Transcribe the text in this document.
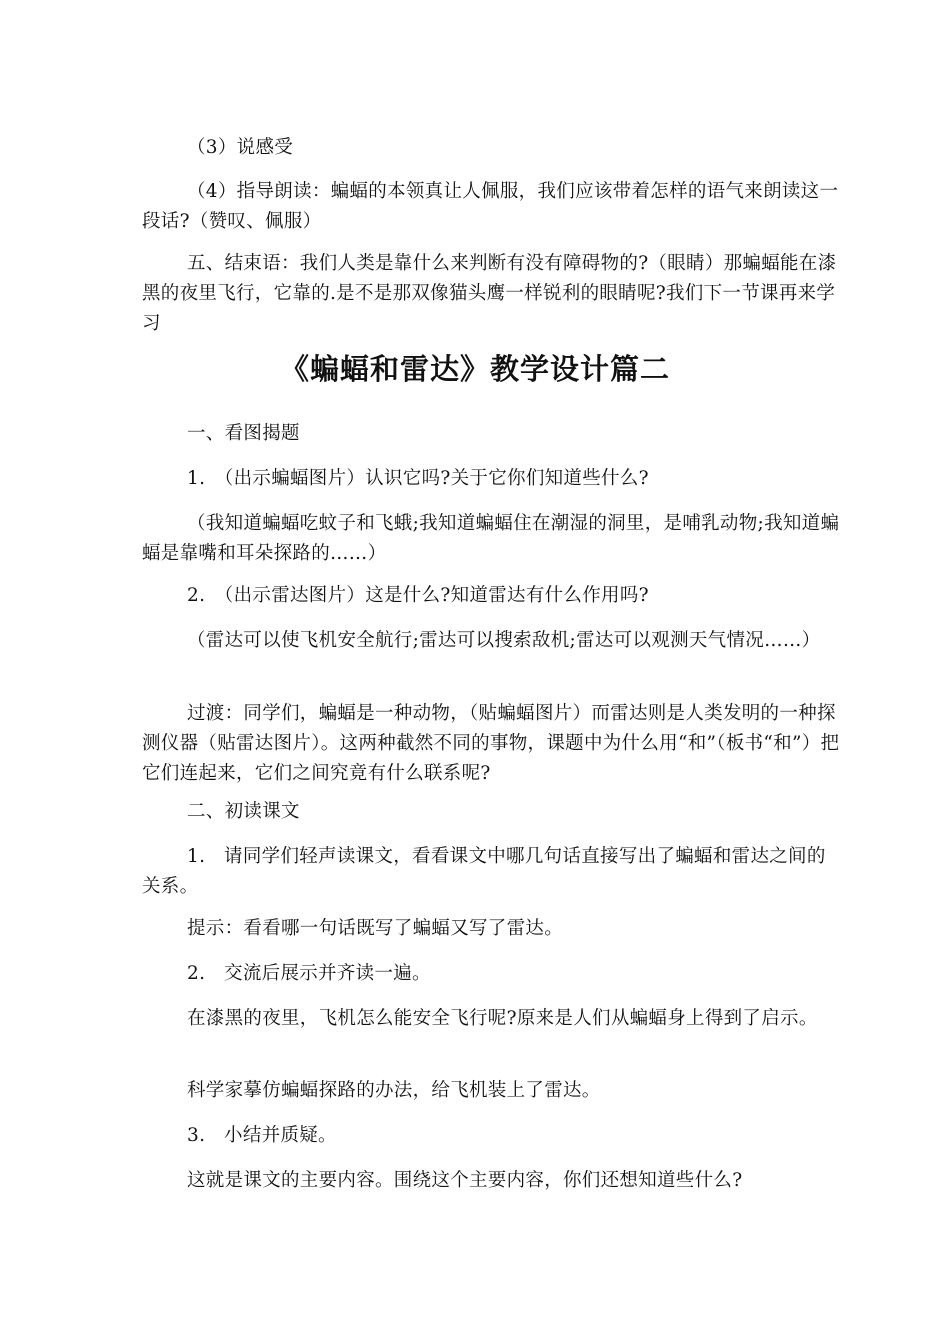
（3）说感受

（4）指导朗读：蝙蝠的本领真让人佩服，我们应该带着怎样的语气来朗读这一段话?（赞叹、佩服）

五、结束语：我们人类是靠什么来判断有没有障碍物的?（眼睛）那蝙蝠能在漆黑的夜里飞行，它靠的.是不是那双像猫头鹰一样锐利的眼睛呢?我们下一节课再来学习

《蝙蝠和雷达》教学设计篇二

一、看图揭题

1.　（出示蝙蝠图片）认识它吗?关于它你们知道些什么?

（我知道蝙蝠吃蚊子和飞蛾;我知道蝙蝠住在潮湿的洞里，是哺乳动物;我知道蝙蝠是靠嘴和耳朵探路的……）

2.　（出示雷达图片）这是什么?知道雷达有什么作用吗?

（雷达可以使飞机安全航行;雷达可以搜索敌机;雷达可以观测天气情况……）

过渡：同学们，蝙蝠是一种动物，（贴蝙蝠图片）而雷达则是人类发明的一种探测仪器（贴雷达图片）。这两种截然不同的事物，课题中为什么用“和”（板书“和”）把它们连起来，它们之间究竟有什么联系呢?

二、初读课文

1.　请同学们轻声读课文，看看课文中哪几句话直接写出了蝙蝠和雷达之间的关系。

提示：看看哪一句话既写了蝙蝠又写了雷达。

2.　交流后展示并齐读一遍。

在漆黑的夜里，飞机怎么能安全飞行呢?原来是人们从蝙蝠身上得到了启示。

科学家摹仿蝙蝠探路的办法，给飞机装上了雷达。

3.　小结并质疑。

这就是课文的主要内容。围绕这个主要内容，你们还想知道些什么?
